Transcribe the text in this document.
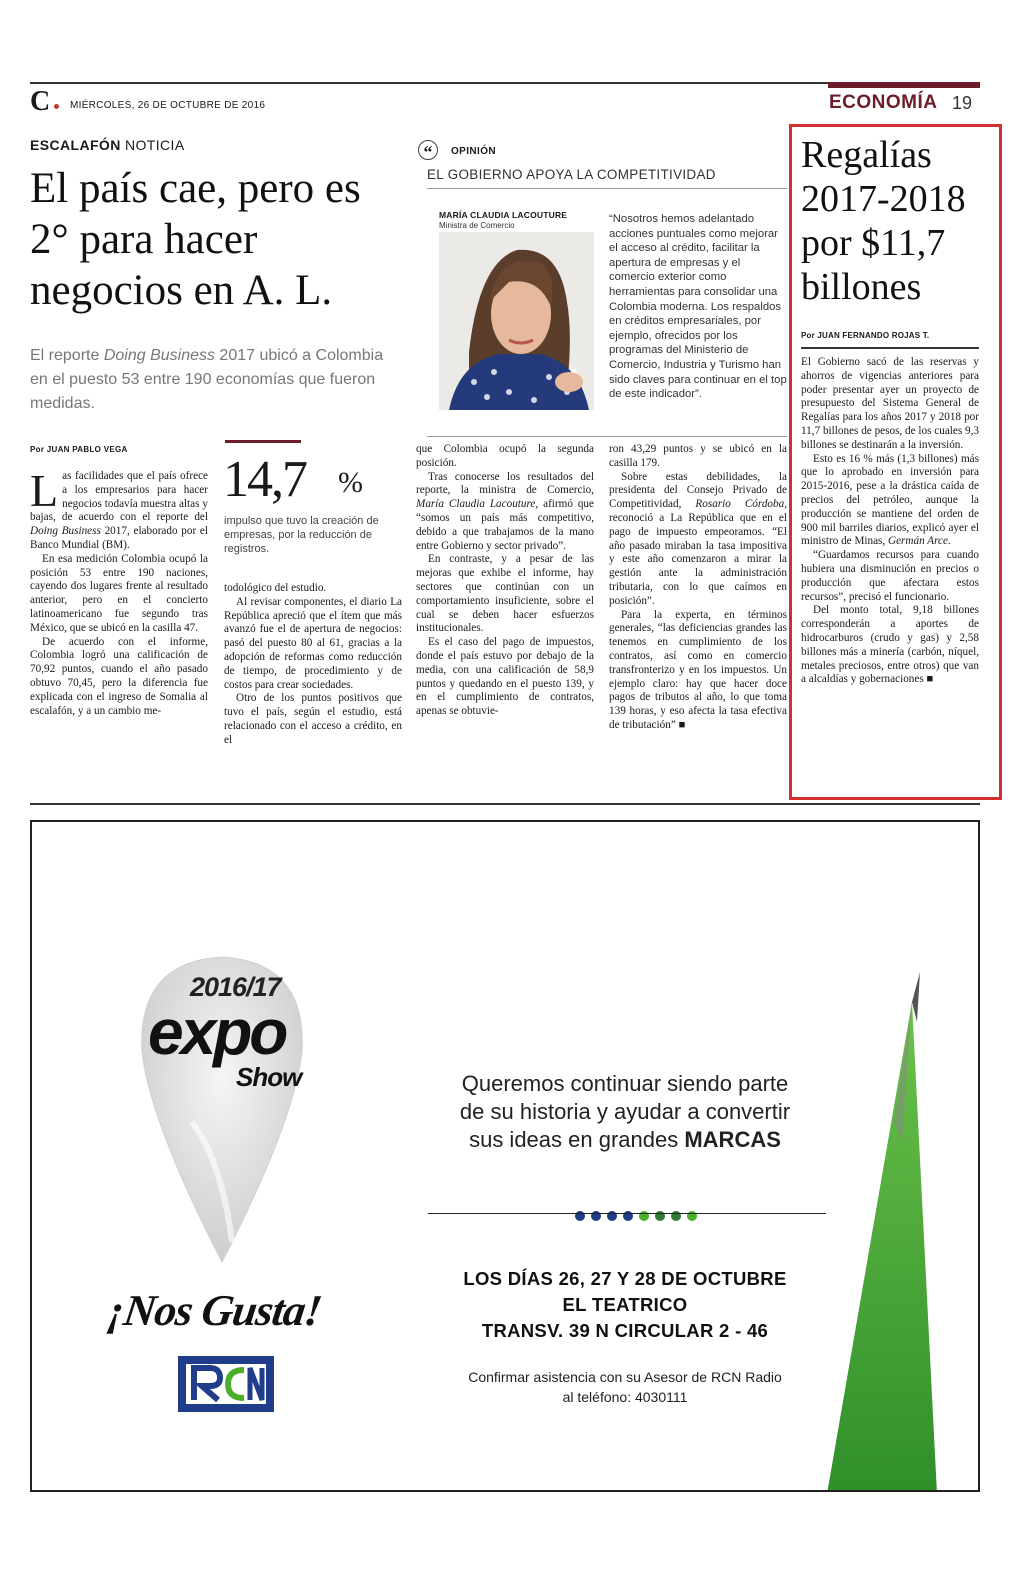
C MIÉRCOLES, 26 DE OCTUBRE DE 2016	ECONOMÍA 19
ESCALAFÓN NOTICIA
El país cae, pero es 2° para hacer negocios en A. L.
El reporte Doing Business 2017 ubicó a Colombia en el puesto 53 entre 190 economías que fueron medidas.
Por JUAN PABLO VEGA

Las facilidades que el país ofrece a los empresarios para hacer negocios todavía muestra altas y bajas, de acuerdo con el reporte del Doing Business 2017, elaborado por el Banco Mundial (BM).

En esa medición Colombia ocupó la posición 53 entre 190 naciones, cayendo dos lugares frente al resultado anterior, pero en el concierto latinoamericano fue segundo tras México, que se ubicó en la casilla 47.

De acuerdo con el informe, Colombia logró una calificación de 70,92 puntos, cuando el año pasado obtuvo 70,45, pero la diferencia fue explicada con el ingreso de Somalia al escalafón, y a un cambio me-

14,7 %
impulso que tuvo la creación de empresas, por la reducción de registros.

todológico del estudio.

Al revisar componentes, el diario La República apreció que el ítem que más avanzó fue el de apertura de negocios: pasó del puesto 80 al 61, gracias a la adopción de reformas como reducción de tiempo, de procedimiento y de costos para crear sociedades.

Otro de los puntos positivos que tuvo el país, según el estudio, está relacionado con el acceso a crédito, en el

“	OPINIÓN
EL GOBIERNO APOYA LA COMPETITIVIDAD
MARÍA CLAUDIA LACOUTURE
Ministra de Comercio
“Nosotros hemos adelantado acciones puntuales como mejorar el acceso al crédito, facilitar la apertura de empresas y el comercio exterior como herramientas para consolidar una Colombia moderna. Los respaldos en créditos empresariales, por ejemplo, ofrecidos por los programas del Ministerio de Comercio, Industria y Turismo han sido claves para continuar en el top de este indicador”.

que Colombia ocupó la segunda posición.

Tras conocerse los resultados del reporte, la ministra de Comercio, María Claudia Lacouture, afirmó que “somos un país más competitivo, debido a que trabajamos de la mano entre Gobierno y sector privado”.

En contraste, y a pesar de las mejoras que exhibe el informe, hay sectores que continúan con un comportamiento insuficiente, sobre el cual se deben hacer esfuerzos institucionales.

Es el caso del pago de impuestos, donde el país estuvo por debajo de la media, con una calificación de 58,9 puntos y quedando en el puesto 139, y en el cumplimiento de contratos, apenas se obtuvie-

ron 43,29 puntos y se ubicó en la casilla 179.

Sobre estas debilidades, la presidenta del Consejo Privado de Competitividad, Rosario Córdoba, reconoció a La República que en el pago de impuesto empeoramos. “El año pasado miraban la tasa impositiva y este año comenzaron a mirar la gestión ante la administración tributaria, con lo que caímos en posición”.

Para la experta, en términos generales, “las deficiencias grandes las tenemos en cumplimiento de los contratos, así como en comercio transfronterizo y en los impuestos. Un ejemplo claro: hay que hacer doce pagos de tributos al año, lo que toma 139 horas, y eso afecta la tasa efectiva de tributación” ■

Regalías 2017-2018 por $11,7 billones
Por JUAN FERNANDO ROJAS T.

El Gobierno sacó de las reservas y ahorros de vigencias anteriores para poder presentar ayer un proyecto de presupuesto del Sistema General de Regalías para los años 2017 y 2018 por 11,7 billones de pesos, de los cuales 9,3 billones se destinarán a la inversión.

Esto es 16 % más (1,3 billones) más que lo aprobado en inversión para 2015-2016, pese a la drástica caída de precios del petróleo, aunque la producción se mantiene del orden de 900 mil barriles diarios, explicó ayer el ministro de Minas, Germán Arce.

“Guardamos recursos para cuando hubiera una disminución en precios o producción que afectara estos recursos”, precisó el funcionario.

Del monto total, 9,18 billones corresponderán a aportes de hidrocarburos (crudo y gas) y 2,58 billones más a minería (carbón, níquel, metales preciosos, entre otros) que van a alcaldías y gobernaciones ■

2016/17
expo
Show
¡Nos Gusta!
Queremos continuar siendo parte
de su historia y ayudar a convertir
sus ideas en grandes MARCAS
LOS DÍAS 26, 27 Y 28 DE OCTUBRE
EL TEATRICO
TRANSV. 39 N CIRCULAR 2 - 46
Confirmar asistencia con su Asesor de RCN Radio
al teléfono: 4030111
